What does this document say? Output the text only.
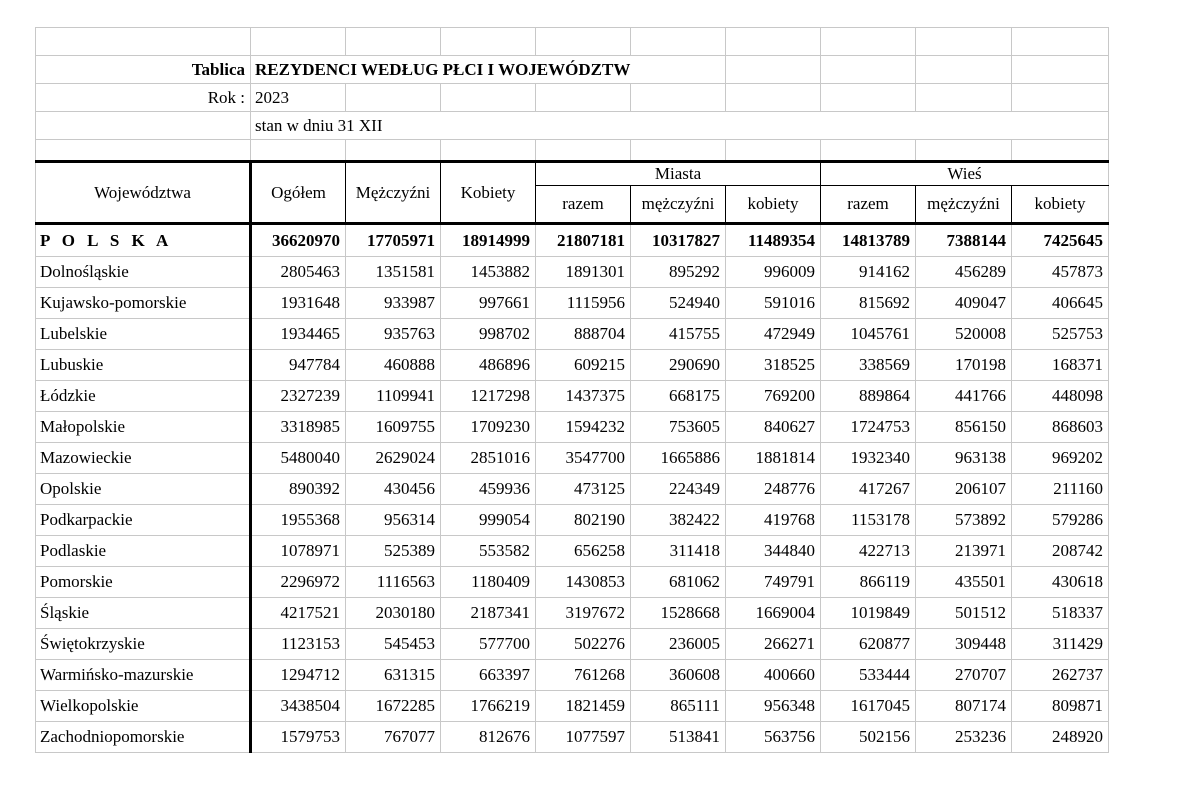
Tablica	REZYDENCI WEDŁUG PŁCI I WOJEWÓDZTW								
Rok :	2023								
	stan w dniu 31 XII								

Województwa	Ogółem	Mężczyźni	Kobiety	Miasta			Wieś		
				razem	mężczyźni	kobiety	razem	mężczyźni	kobiety
P O L S K A	36620970	17705971	18914999	21807181	10317827	11489354	14813789	7388144	7425645
Dolnośląskie	2805463	1351581	1453882	1891301	895292	996009	914162	456289	457873
Kujawsko-pomorskie	1931648	933987	997661	1115956	524940	591016	815692	409047	406645
Lubelskie	1934465	935763	998702	888704	415755	472949	1045761	520008	525753
Lubuskie	947784	460888	486896	609215	290690	318525	338569	170198	168371
Łódzkie	2327239	1109941	1217298	1437375	668175	769200	889864	441766	448098
Małopolskie	3318985	1609755	1709230	1594232	753605	840627	1724753	856150	868603
Mazowieckie	5480040	2629024	2851016	3547700	1665886	1881814	1932340	963138	969202
Opolskie	890392	430456	459936	473125	224349	248776	417267	206107	211160
Podkarpackie	1955368	956314	999054	802190	382422	419768	1153178	573892	579286
Podlaskie	1078971	525389	553582	656258	311418	344840	422713	213971	208742
Pomorskie	2296972	1116563	1180409	1430853	681062	749791	866119	435501	430618
Śląskie	4217521	2030180	2187341	3197672	1528668	1669004	1019849	501512	518337
Świętokrzyskie	1123153	545453	577700	502276	236005	266271	620877	309448	311429
Warmińsko-mazurskie	1294712	631315	663397	761268	360608	400660	533444	270707	262737
Wielkopolskie	3438504	1672285	1766219	1821459	865111	956348	1617045	807174	809871
Zachodniopomorskie	1579753	767077	812676	1077597	513841	563756	502156	253236	248920
